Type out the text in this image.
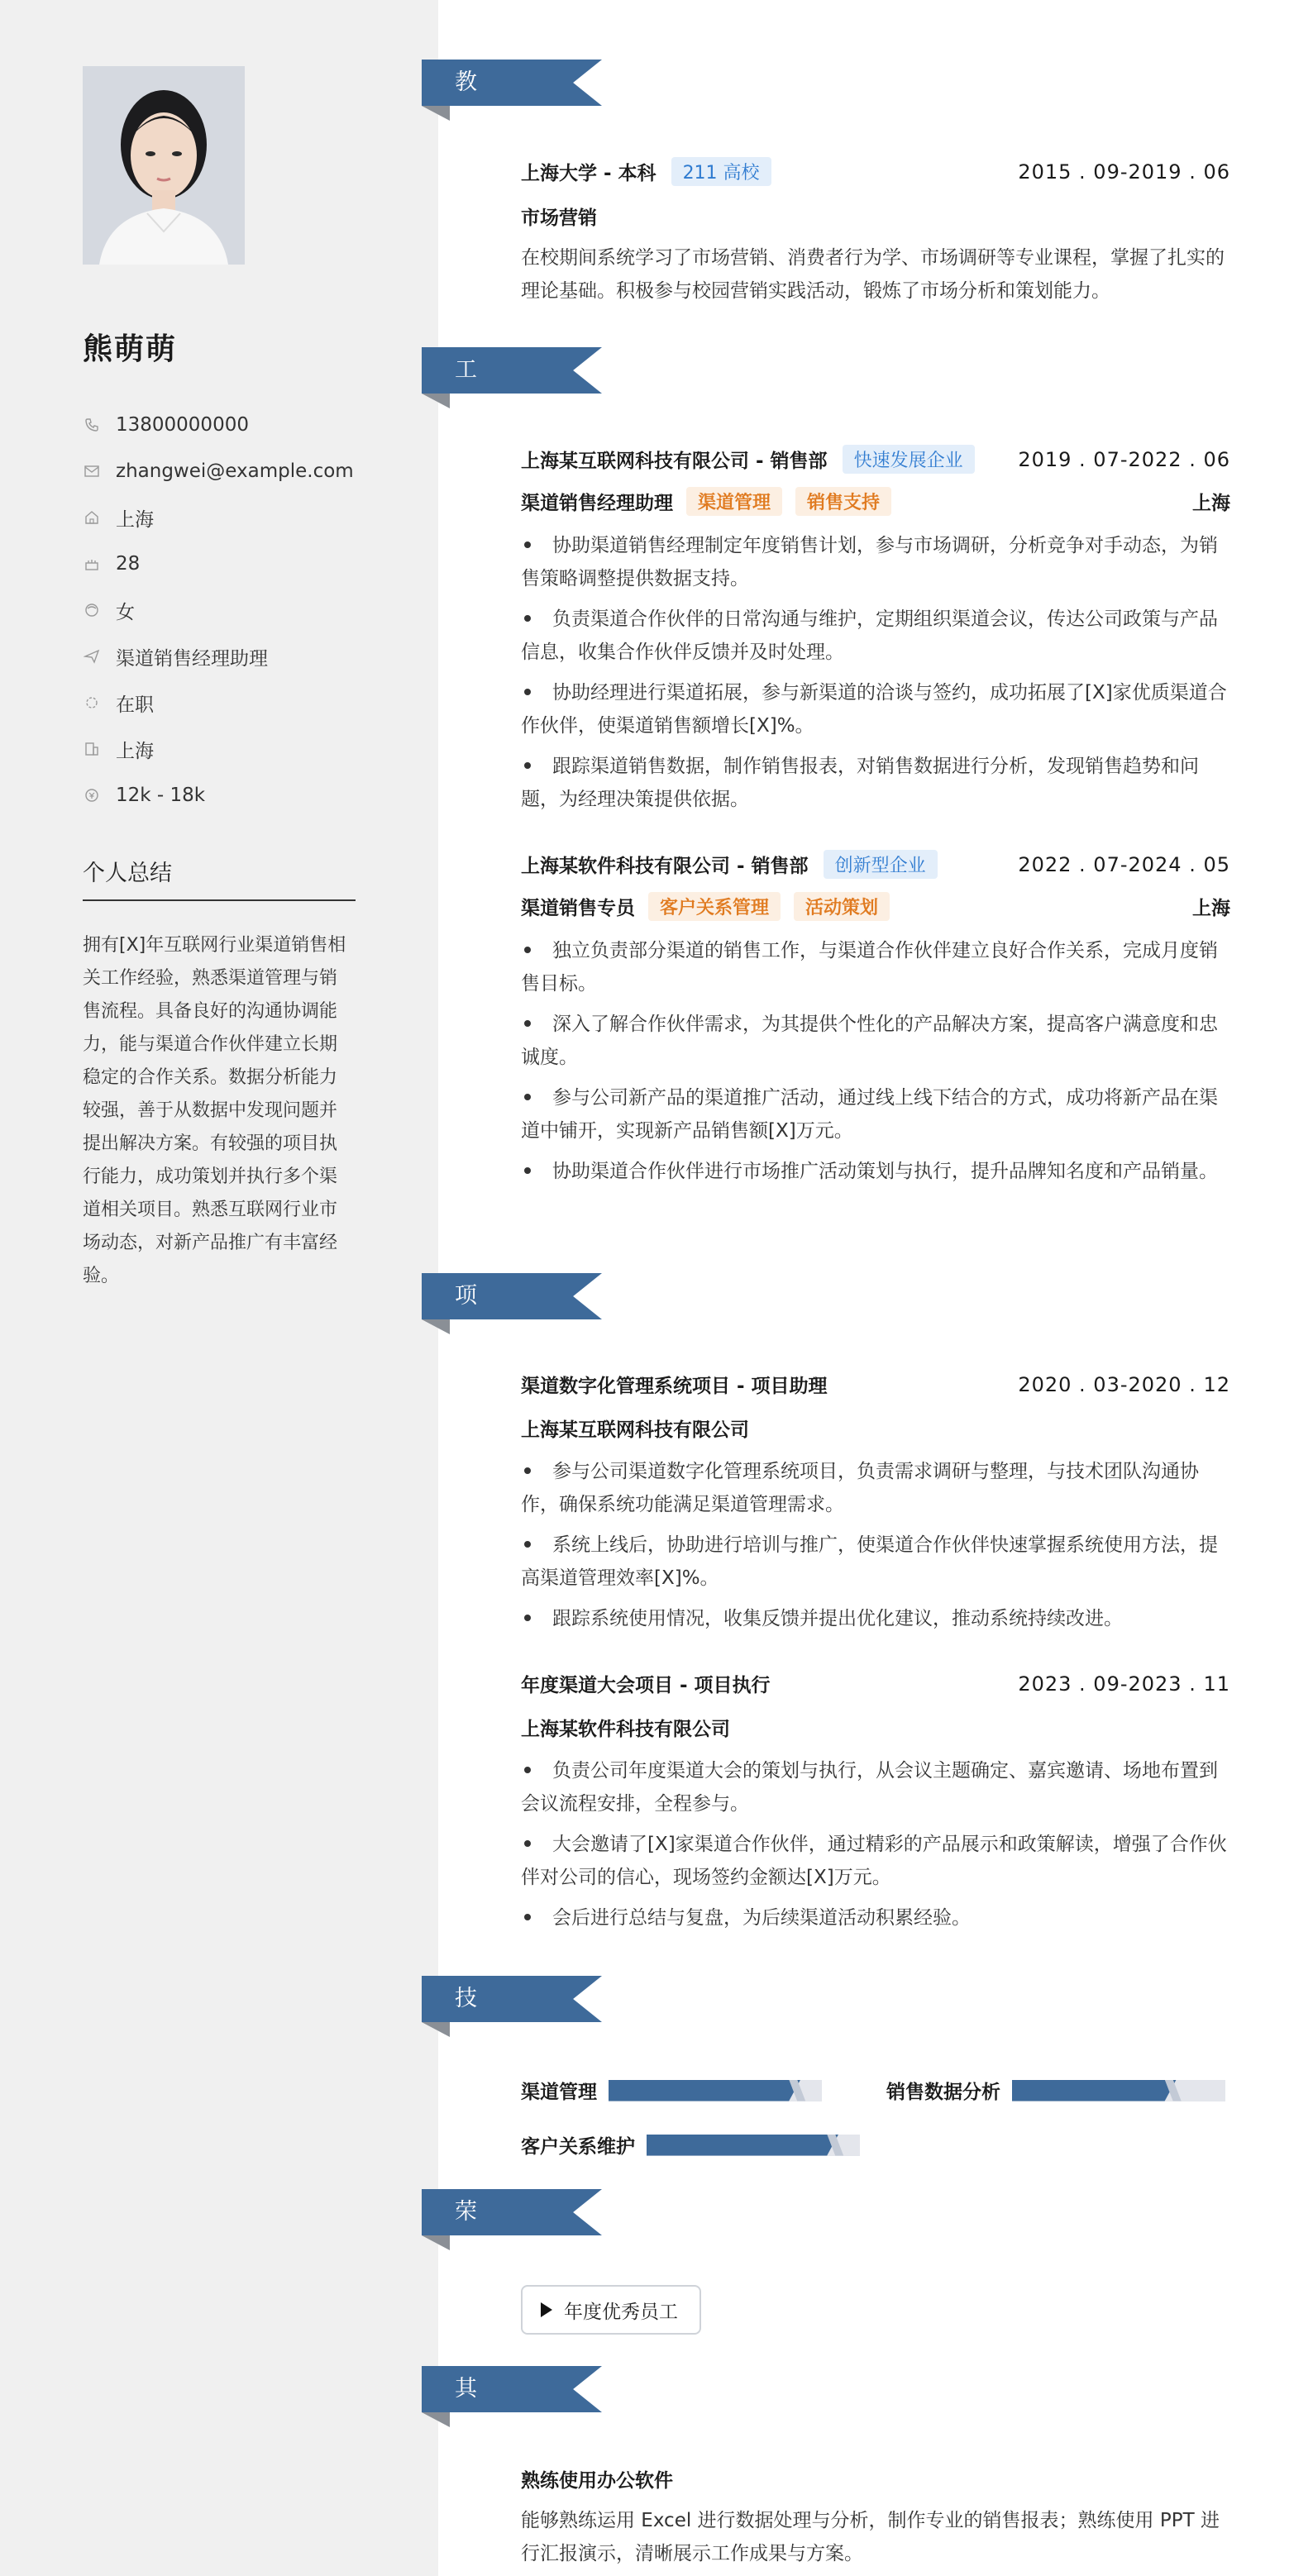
熊萌萌
13800000000
zhangwei@example.com
上海
28
女
渠道销售经理助理
在职
上海
12k - 18k
个人总结
拥有[X]年互联网行业渠道销售相关工作经验，熟悉渠道管理与销售流程。具备良好的沟通协调能力，能与渠道合作伙伴建立长期稳定的合作关系。数据分析能力较强，善于从数据中发现问题并提出解决方案。有较强的项目执行能力，成功策划并执行多个渠道相关项目。熟悉互联网行业市场动态，对新产品推广有丰富经验。
教育经历
上海大学 - 本科	211 高校	2015 . 09-2019 . 06
市场营销
在校期间系统学习了市场营销、消费者行为学、市场调研等专业课程，掌握了扎实的理论基础。积极参与校园营销实践活动，锻炼了市场分析和策划能力。
工作经历
上海某互联网科技有限公司 - 销售部	快速发展企业	2019 . 07-2022 . 06
渠道销售经理助理	渠道管理	销售支持	上海
协助渠道销售经理制定年度销售计划，参与市场调研，分析竞争对手动态，为销售策略调整提供数据支持。
负责渠道合作伙伴的日常沟通与维护，定期组织渠道会议，传达公司政策与产品信息，收集合作伙伴反馈并及时处理。
协助经理进行渠道拓展，参与新渠道的洽谈与签约，成功拓展了[X]家优质渠道合作伙伴，使渠道销售额增长[X]%。
跟踪渠道销售数据，制作销售报表，对销售数据进行分析，发现销售趋势和问题，为经理决策提供依据。
上海某软件科技有限公司 - 销售部	创新型企业	2022 . 07-2024 . 05
渠道销售专员	客户关系管理	活动策划	上海
独立负责部分渠道的销售工作，与渠道合作伙伴建立良好合作关系，完成月度销售目标。
深入了解合作伙伴需求，为其提供个性化的产品解决方案，提高客户满意度和忠诚度。
参与公司新产品的渠道推广活动，通过线上线下结合的方式，成功将新产品在渠道中铺开，实现新产品销售额[X]万元。
协助渠道合作伙伴进行市场推广活动策划与执行，提升品牌知名度和产品销量。
项目经历
渠道数字化管理系统项目 - 项目助理	2020 . 03-2020 . 12
上海某互联网科技有限公司
参与公司渠道数字化管理系统项目，负责需求调研与整理，与技术团队沟通协作，确保系统功能满足渠道管理需求。
系统上线后，协助进行培训与推广，使渠道合作伙伴快速掌握系统使用方法，提高渠道管理效率[X]%。
跟踪系统使用情况，收集反馈并提出优化建议，推动系统持续改进。
年度渠道大会项目 - 项目执行	2023 . 09-2023 . 11
上海某软件科技有限公司
负责公司年度渠道大会的策划与执行，从会议主题确定、嘉宾邀请、场地布置到会议流程安排，全程参与。
大会邀请了[X]家渠道合作伙伴，通过精彩的产品展示和政策解读，增强了合作伙伴对公司的信心，现场签约金额达[X]万元。
会后进行总结与复盘，为后续渠道活动积累经验。
技能专长
渠道管理	销售数据分析
客户关系维护
荣誉奖项
年度优秀员工
其他信息
熟练使用办公软件
能够熟练运用 Excel 进行数据处理与分析，制作专业的销售报表；熟练使用 PPT 进行汇报演示，清晰展示工作成果与方案。
